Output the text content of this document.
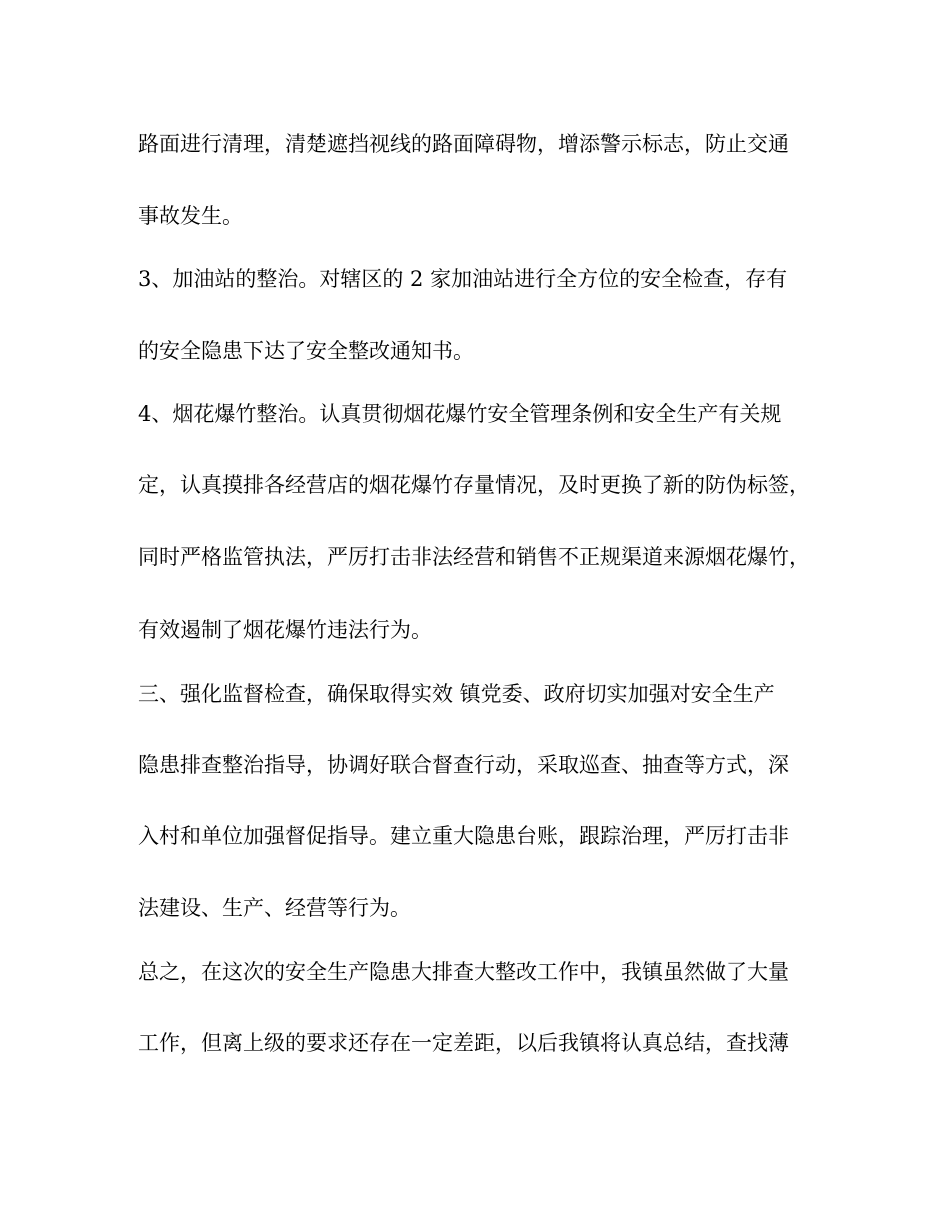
路面进行清理，清楚遮挡视线的路面障碍物，增添警示标志，防止交通
事故发生。
3、加油站的整治。对辖区的 2 家加油站进行全方位的安全检查，存有
的安全隐患下达了安全整改通知书。
4、烟花爆竹整治。认真贯彻烟花爆竹安全管理条例和安全生产有关规
定，认真摸排各经营店的烟花爆竹存量情况，及时更换了新的防伪标签，
同时严格监管执法，严厉打击非法经营和销售不正规渠道来源烟花爆竹，
有效遏制了烟花爆竹违法行为。
三、强化监督检查，确保取得实效 镇党委、政府切实加强对安全生产
隐患排查整治指导，协调好联合督查行动，采取巡查、抽查等方式，深
入村和单位加强督促指导。建立重大隐患台账，跟踪治理，严厉打击非
法建设、生产、经营等行为。
总之，在这次的安全生产隐患大排查大整改工作中，我镇虽然做了大量
工作，但离上级的要求还存在一定差距，以后我镇将认真总结，查找薄
